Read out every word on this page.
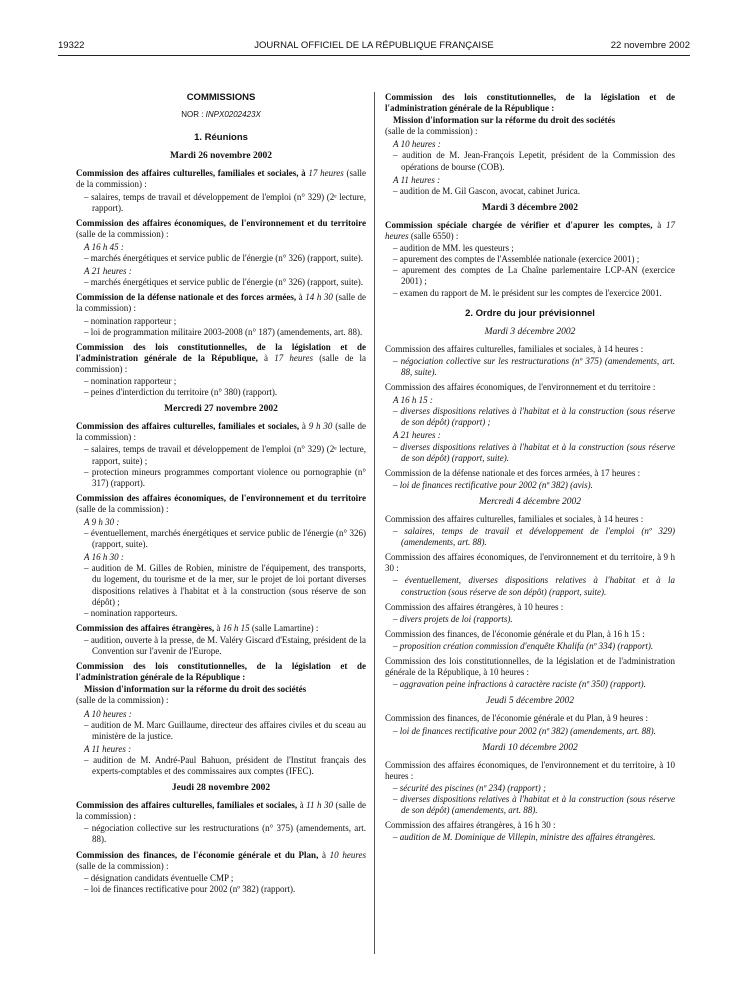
19322	JOURNAL OFFICIEL DE LA RÉPUBLIQUE FRANÇAISE	22 novembre 2002
COMMISSIONS
NOR : INPX0202423X
1. Réunions
Mardi 26 novembre 2002
Commission des affaires culturelles, familiales et sociales, à 17 heures (salle de la commission) :
– salaires, temps de travail et développement de l'emploi (n° 329) (2ᵉ lecture, rapport).
Commission des affaires économiques, de l'environnement et du territoire (salle de la commission) :
A 16 h 45 :
– marchés énergétiques et service public de l'énergie (n° 326) (rapport, suite).
A 21 heures :
– marchés énergétiques et service public de l'énergie (n° 326) (rapport, suite).
Commission de la défense nationale et des forces armées, à 14 h 30 (salle de la commission) :
– nomination rapporteur ;
– loi de programmation militaire 2003-2008 (n° 187) (amendements, art. 88).
Commission des lois constitutionnelles, de la législation et de l'administration générale de la République, à 17 heures (salle de la commission) :
– nomination rapporteur ;
– peines d'interdiction du territoire (n° 380) (rapport).
Mercredi 27 novembre 2002
Commission des affaires culturelles, familiales et sociales, à 9 h 30 (salle de la commission) :
– salaires, temps de travail et développement de l'emploi (n° 329) (2ᵉ lecture, rapport, suite) ;
– protection mineurs programmes comportant violence ou pornographie (n° 317) (rapport).
Commission des affaires économiques, de l'environnement et du territoire (salle de la commission) :
A 9 h 30 :
– éventuellement, marchés énergétiques et service public de l'énergie (n° 326) (rapport, suite).
A 16 h 30 :
– audition de M. Gilles de Robien, ministre de l'équipement, des transports, du logement, du tourisme et de la mer, sur le projet de loi portant diverses dispositions relatives à l'habitat et à la construction (sous réserve de son dépôt) ;
– nomination rapporteurs.
Commission des affaires étrangères, à 16 h 15 (salle Lamartine) :
– audition, ouverte à la presse, de M. Valéry Giscard d'Estaing, président de la Convention sur l'avenir de l'Europe.
Commission des lois constitutionnelles, de la législation et de l'administration générale de la République :
Mission d'information sur la réforme du droit des sociétés
(salle de la commission) :
A 10 heures :
– audition de M. Marc Guillaume, directeur des affaires civiles et du sceau au ministère de la justice.
A 11 heures :
– audition de M. André-Paul Bahuon, président de l'Institut français des experts-comptables et des commissaires aux comptes (IFEC).
Jeudi 28 novembre 2002
Commission des affaires culturelles, familiales et sociales, à 11 h 30 (salle de la commission) :
– négociation collective sur les restructurations (n° 375) (amendements, art. 88).
Commission des finances, de l'économie générale et du Plan, à 10 heures (salle de la commission) :
– désignation candidats éventuelle CMP ;
– loi de finances rectificative pour 2002 (nº 382) (rapport).
Commission des lois constitutionnelles, de la législation et de l'administration générale de la République :
Mission d'information sur la réforme du droit des sociétés
(salle de la commission) :
A 10 heures :
– audition de M. Jean-François Lepetit, président de la Commission des opérations de bourse (COB).
A 11 heures :
– audition de M. Gil Gascon, avocat, cabinet Jurica.
Mardi 3 décembre 2002
Commission spéciale chargée de vérifier et d'apurer les comptes, à 17 heures (salle 6550) :
– audition de MM. les questeurs ;
– apurement des comptes de l'Assemblée nationale (exercice 2001) ;
– apurement des comptes de La Chaîne parlementaire LCP-AN (exercice 2001) ;
– examen du rapport de M. le président sur les comptes de l'exercice 2001.
2. Ordre du jour prévisionnel
Mardi 3 décembre 2002
Commission des affaires culturelles, familiales et sociales, à 14 heures :
– négociation collective sur les restructurations (nº 375) (amendements, art. 88, suite).
Commission des affaires économiques, de l'environnement et du territoire :
A 16 h 15 :
– diverses dispositions relatives à l'habitat et à la construction (sous réserve de son dépôt) (rapport) ;
A 21 heures :
– diverses dispositions relatives à l'habitat et à la construction (sous réserve de son dépôt) (rapport, suite).
Commission de la défense nationale et des forces armées, à 17 heures :
– loi de finances rectificative pour 2002 (nº 382) (avis).
Mercredi 4 décembre 2002
Commission des affaires culturelles, familiales et sociales, à 14 heures :
– salaires, temps de travail et développement de l'emploi (nº 329) (amendements, art. 88).
Commission des affaires économiques, de l'environnement et du territoire, à 9 h 30 :
– éventuellement, diverses dispositions relatives à l'habitat et à la construction (sous réserve de son dépôt) (rapport, suite).
Commission des affaires étrangères, à 10 heures :
– divers projets de loi (rapports).
Commission des finances, de l'économie générale et du Plan, à 16 h 15 :
– proposition création commission d'enquête Khalifa (nº 334) (rapport).
Commission des lois constitutionnelles, de la législation et de l'administration générale de la République, à 10 heures :
– aggravation peine infractions à caractère raciste (nº 350) (rapport).
Jeudi 5 décembre 2002
Commission des finances, de l'économie générale et du Plan, à 9 heures :
– loi de finances rectificative pour 2002 (nº 382) (amendements, art. 88).
Mardi 10 décembre 2002
Commission des affaires économiques, de l'environnement et du territoire, à 10 heures :
– sécurité des piscines (nº 234) (rapport) ;
– diverses dispositions relatives à l'habitat et à la construction (sous réserve de son dépôt) (amendements, art. 88).
Commission des affaires étrangères, à 16 h 30 :
– audition de M. Dominique de Villepin, ministre des affaires étrangères.
